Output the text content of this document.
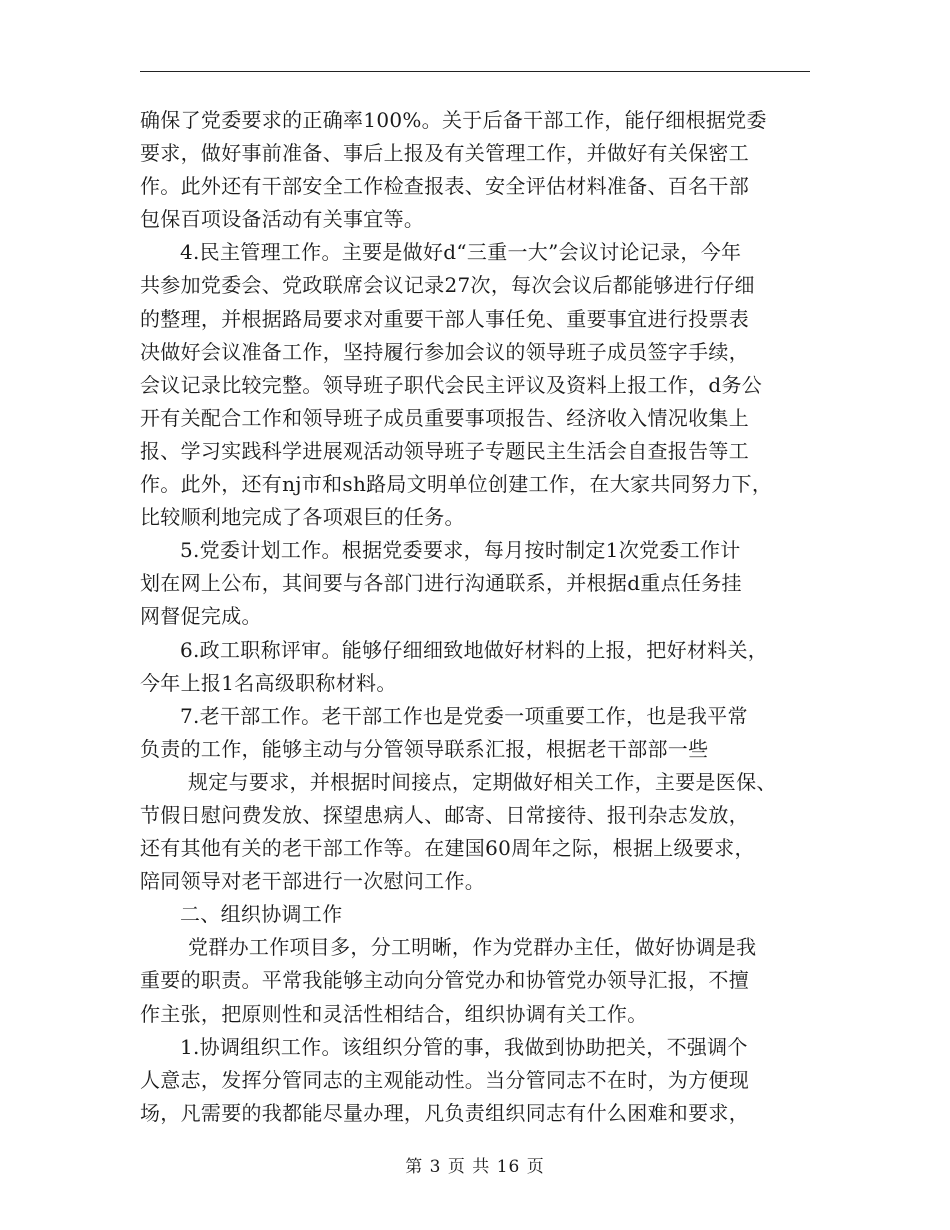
确保了党委要求的正确率100%。关于后备干部工作，能仔细根据党委
要求，做好事前准备、事后上报及有关管理工作，并做好有关保密工
作。此外还有干部安全工作检查报表、安全评估材料准备、百名干部
包保百项设备活动有关事宜等。
4.民主管理工作。主要是做好d“三重一大”会议讨论记录，今年
共参加党委会、党政联席会议记录27次，每次会议后都能够进行仔细
的整理，并根据路局要求对重要干部人事任免、重要事宜进行投票表
决做好会议准备工作，坚持履行参加会议的领导班子成员签字手续，
会议记录比较完整。领导班子职代会民主评议及资料上报工作，d务公
开有关配合工作和领导班子成员重要事项报告、经济收入情况收集上
报、学习实践科学进展观活动领导班子专题民主生活会自查报告等工
作。此外，还有nj市和sh路局文明单位创建工作，在大家共同努力下，
比较顺利地完成了各项艰巨的任务。
5.党委计划工作。根据党委要求，每月按时制定1次党委工作计
划在网上公布，其间要与各部门进行沟通联系，并根据d重点任务挂
网督促完成。
6.政工职称评审。能够仔细细致地做好材料的上报，把好材料关，
今年上报1名高级职称材料。
7.老干部工作。老干部工作也是党委一项重要工作，也是我平常
负责的工作，能够主动与分管领导联系汇报，根据老干部部一些
规定与要求，并根据时间接点，定期做好相关工作，主要是医保、
节假日慰问费发放、探望患病人、邮寄、日常接待、报刊杂志发放，
还有其他有关的老干部工作等。在建国60周年之际，根据上级要求，
陪同领导对老干部进行一次慰问工作。
二、组织协调工作
党群办工作项目多，分工明晰，作为党群办主任，做好协调是我
重要的职责。平常我能够主动向分管党办和协管党办领导汇报，不擅
作主张，把原则性和灵活性相结合，组织协调有关工作。
1.协调组织工作。该组织分管的事，我做到协助把关，不强调个
人意志，发挥分管同志的主观能动性。当分管同志不在时，为方便现
场，凡需要的我都能尽量办理，凡负责组织同志有什么困难和要求，
第 3 页 共 16 页
